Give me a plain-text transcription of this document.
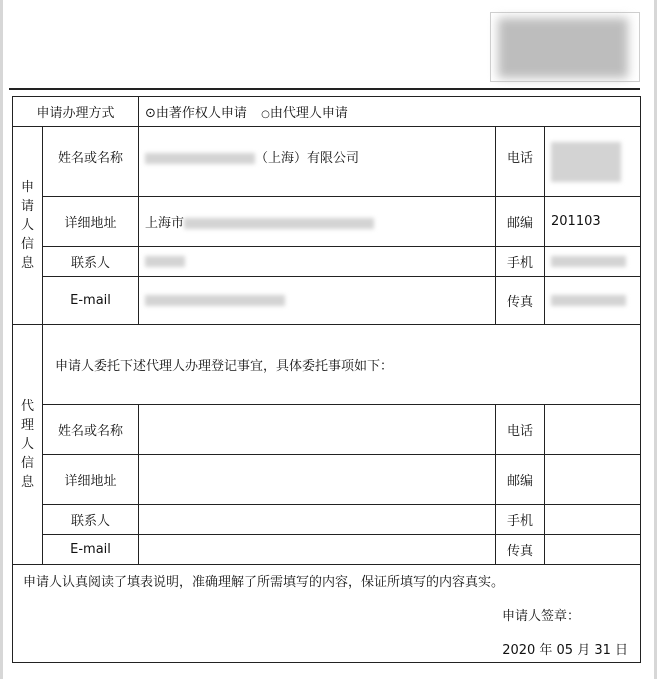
申请办理方式		⊙由著作权人申请 ○由代理人申请		
申
请
人
信
息	姓名或名称	（上海）有限公司	电话	
	详细地址	上海市	邮编	201103
	联系人		手机	
	E-mail		传真	
代
理
人
信
息	申请人委托下述代理人办理登记事宜，具体委托事项如下：			
	姓名或名称		电话	
	详细地址		邮编	
	联系人		手机	
	E-mail		传真	
申请人认真阅读了填表说明，准确理解了所需填写的内容，保证所填写的内容真实。
申请人签章：
2020 年 05 月 31 日				
